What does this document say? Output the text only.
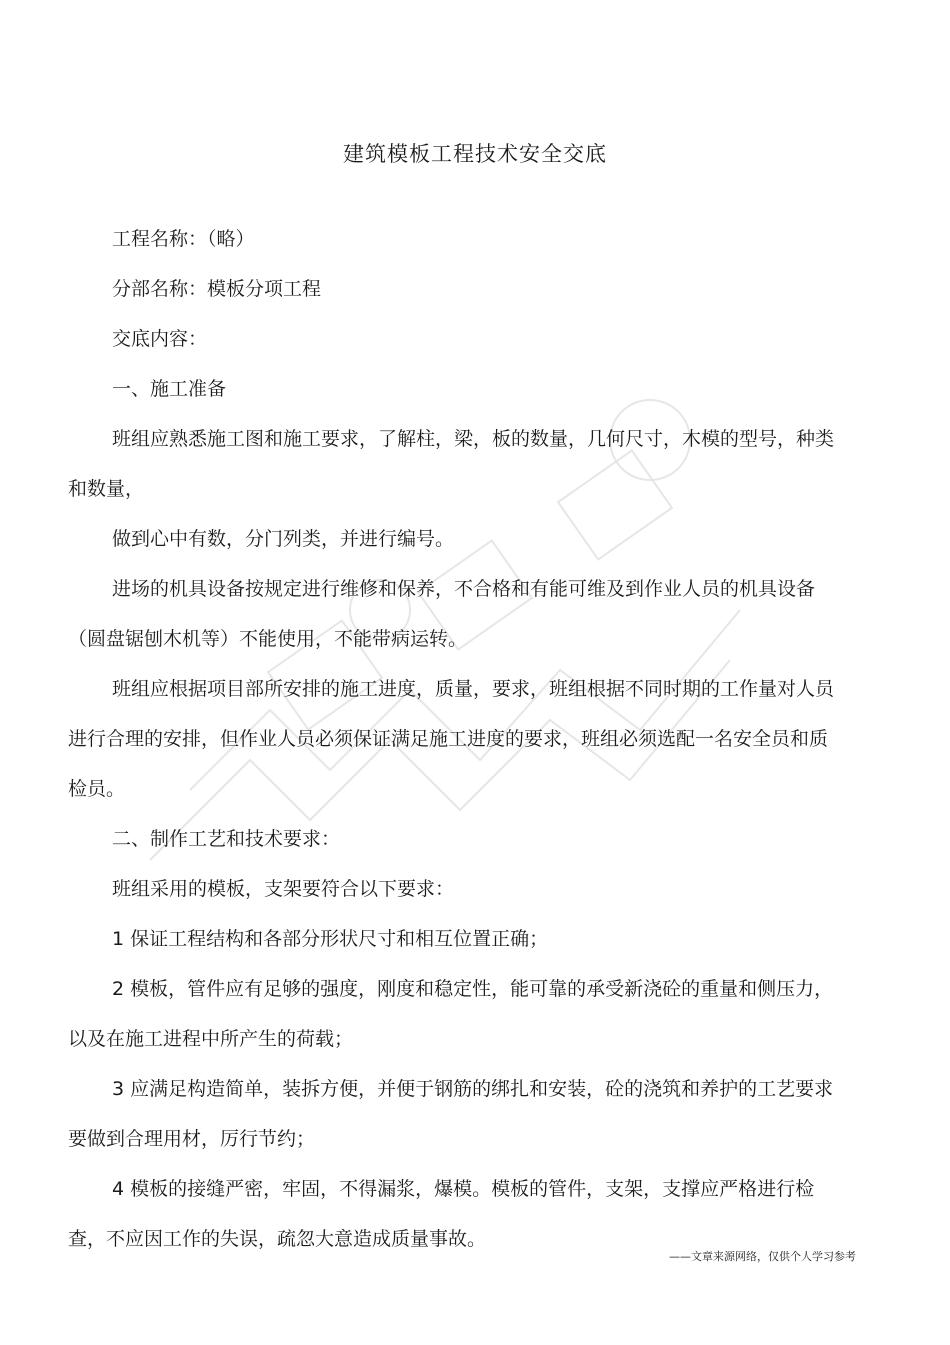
建筑模板工程技术安全交底

工程名称：（略）

分部名称：模板分项工程

交底内容：

一、施工准备

班组应熟悉施工图和施工要求，了解柱，梁，板的数量，几何尺寸，木模的型号，种类和数量，

做到心中有数，分门列类，并进行编号。

进场的机具设备按规定进行维修和保养，不合格和有能可维及到作业人员的机具设备（圆盘锯刨木机等）不能使用，不能带病运转。

班组应根据项目部所安排的施工进度，质量，要求，班组根据不同时期的工作量对人员进行合理的安排，但作业人员必须保证满足施工进度的要求，班组必须选配一名安全员和质检员。

二、制作工艺和技术要求：

班组采用的模板，支架要符合以下要求：

1 保证工程结构和各部分形状尺寸和相互位置正确；

2 模板，管件应有足够的强度，刚度和稳定性，能可靠的承受新浇砼的重量和侧压力，以及在施工进程中所产生的荷载；

3 应满足构造简单，装拆方便，并便于钢筋的绑扎和安装，砼的浇筑和养护的工艺要求要做到合理用材，厉行节约；

4 模板的接缝严密，牢固，不得漏浆，爆模。模板的管件，支架，支撑应严格进行检查，不应因工作的失误，疏忽大意造成质量事故。

——文章来源网络，仅供个人学习参考
